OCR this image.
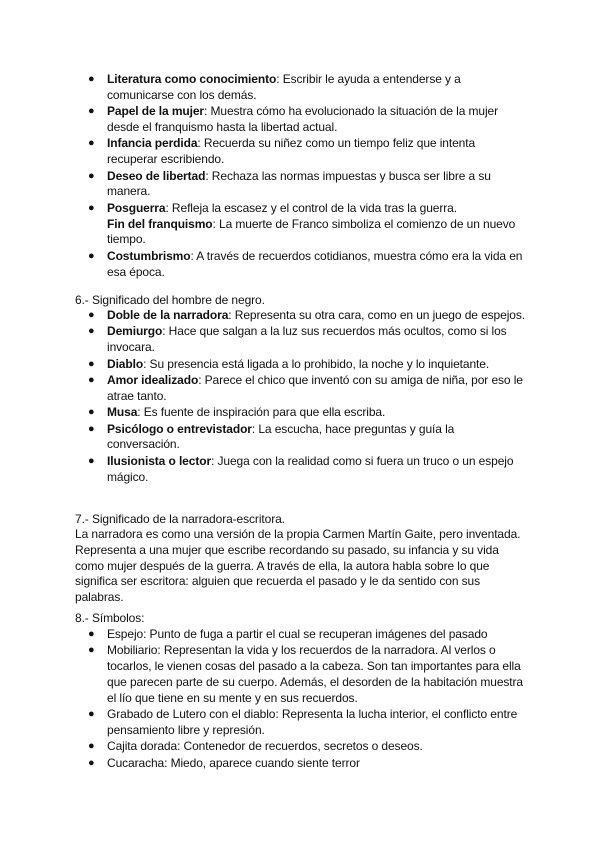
● Literatura como conocimiento: Escribir le ayuda a entenderse y a comunicarse con los demás.
● Papel de la mujer: Muestra cómo ha evolucionado la situación de la mujer desde el franquismo hasta la libertad actual.
● Infancia perdida: Recuerda su niñez como un tiempo feliz que intenta recuperar escribiendo.
● Deseo de libertad: Rechaza las normas impuestas y busca ser libre a su manera.
● Posguerra: Refleja la escasez y el control de la vida tras la guerra.
Fin del franquismo: La muerte de Franco simboliza el comienzo de un nuevo tiempo.
● Costumbrismo: A través de recuerdos cotidianos, muestra cómo era la vida en esa época.

6.- Significado del hombre de negro.

● Doble de la narradora: Representa su otra cara, como en un juego de espejos.
● Demiurgo: Hace que salgan a la luz sus recuerdos más ocultos, como si los invocara.
● Diablo: Su presencia está ligada a lo prohibido, la noche y lo inquietante.
● Amor idealizado: Parece el chico que inventó con su amiga de niña, por eso le atrae tanto.
● Musa: Es fuente de inspiración para que ella escriba.
● Psicólogo o entrevistador: La escucha, hace preguntas y guía la conversación.
● Ilusionista o lector: Juega con la realidad como si fuera un truco o un espejo mágico.

7.- Significado de la narradora-escritora.

La narradora es como una versión de la propia Carmen Martín Gaite, pero inventada. Representa a una mujer que escribe recordando su pasado, su infancia y su vida como mujer después de la guerra. A través de ella, la autora habla sobre lo que significa ser escritora: alguien que recuerda el pasado y le da sentido con sus palabras.

8.- Símbolos:

● Espejo: Punto de fuga a partir el cual se recuperan imágenes del pasado
● Mobiliario: Representan la vida y los recuerdos de la narradora. Al verlos o tocarlos, le vienen cosas del pasado a la cabeza. Son tan importantes para ella que parecen parte de su cuerpo. Además, el desorden de la habitación muestra el lío que tiene en su mente y en sus recuerdos.
● Grabado de Lutero con el diablo: Representa la lucha interior, el conflicto entre pensamiento libre y represión.
● Cajita dorada: Contenedor de recuerdos, secretos o deseos.
● Cucaracha: Miedo, aparece cuando siente terror
